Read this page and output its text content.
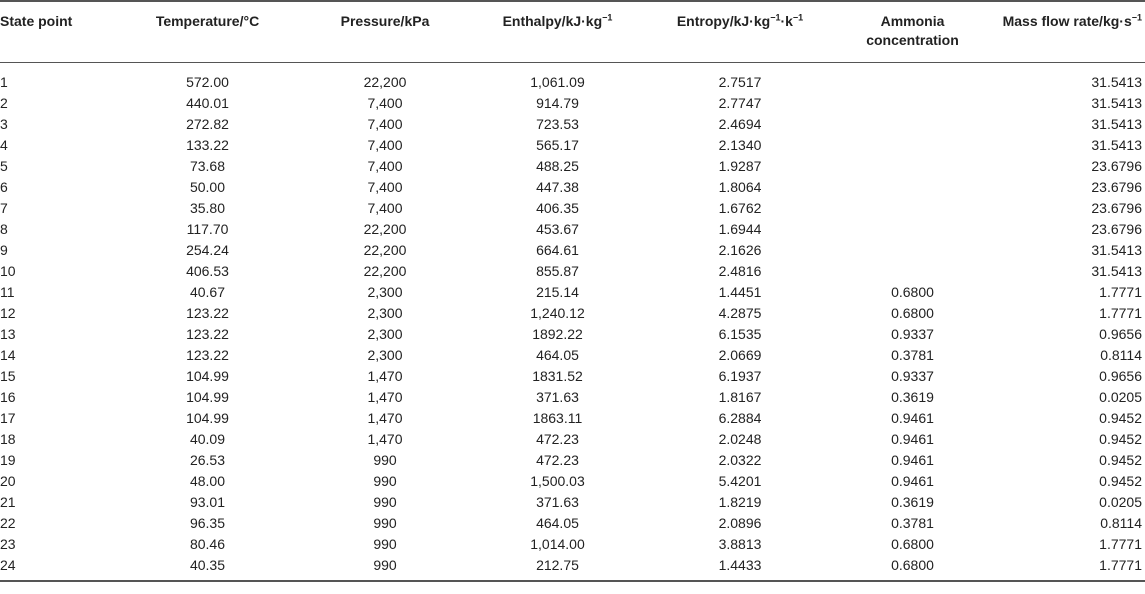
State point	Temperature/°C	Pressure/kPa	Enthalpy/$kJ\cdot kg^{-1}$	Entropy/$kJ\cdot kg^{-1}\cdot k^{-1}$	Ammonia concentration	Mass flow rate/$kg\cdot s^{-1}$
1	572.00	22,200	1,061.09	2.7517		31.5413
2	440.01	7,400	914.79	2.7747		31.5413
3	272.82	7,400	723.53	2.4694		31.5413
4	133.22	7,400	565.17	2.1340		31.5413
5	73.68	7,400	488.25	1.9287		23.6796
6	50.00	7,400	447.38	1.8064		23.6796
7	35.80	7,400	406.35	1.6762		23.6796
8	117.70	22,200	453.67	1.6944		23.6796
9	254.24	22,200	664.61	2.1626		31.5413
10	406.53	22,200	855.87	2.4816		31.5413
11	40.67	2,300	215.14	1.4451	0.6800	1.7771
12	123.22	2,300	1,240.12	4.2875	0.6800	1.7771
13	123.22	2,300	1892.22	6.1535	0.9337	0.9656
14	123.22	2,300	464.05	2.0669	0.3781	0.8114
15	104.99	1,470	1831.52	6.1937	0.9337	0.9656
16	104.99	1,470	371.63	1.8167	0.3619	0.0205
17	104.99	1,470	1863.11	6.2884	0.9461	0.9452
18	40.09	1,470	472.23	2.0248	0.9461	0.9452
19	26.53	990	472.23	2.0322	0.9461	0.9452
20	48.00	990	1,500.03	5.4201	0.9461	0.9452
21	93.01	990	371.63	1.8219	0.3619	0.0205
22	96.35	990	464.05	2.0896	0.3781	0.8114
23	80.46	990	1,014.00	3.8813	0.6800	1.7771
24	40.35	990	212.75	1.4433	0.6800	1.7771
